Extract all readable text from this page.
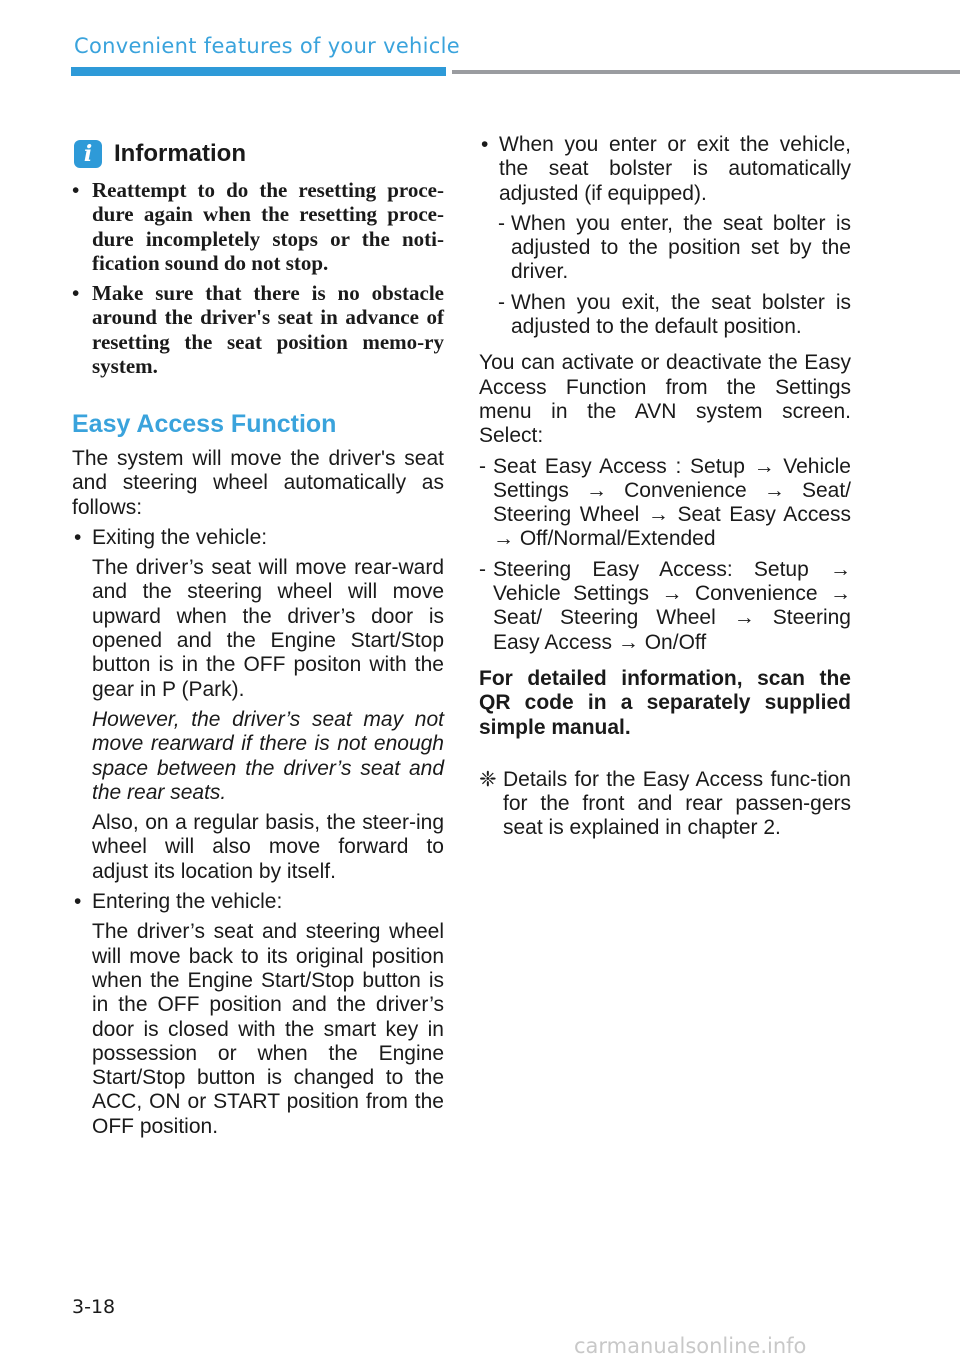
Convenient features of your vehicle
i Information
• Reattempt to do the resetting proce-dure again when the resetting proce-dure incompletely stops or the noti-fication sound do not stop.
• Make sure that there is no obstacle around the driver's seat in advance of resetting the seat position memo-ry system.
Easy Access Function

The system will move the driver's seat and steering wheel automatically as follows:

• Exiting the vehicle:

The driver’s seat will move rear-ward and the steering wheel will move upward when the driver’s door is opened and the Engine Start/Stop button is in the OFF positon with the gear in P (Park).

However, the driver’s seat may not move rearward if there is not enough space between the driver’s seat and the rear seats.

Also, on a regular basis, the steer-ing wheel will also move forward to adjust its location by itself.

• Entering the vehicle:

The driver’s seat and steering wheel will move back to its original position when the Engine Start/Stop button is in the OFF position and the driver’s door is closed with the smart key in possession or when the Engine Start/Stop button is changed to the ACC, ON or START position from the OFF position.

• When you enter or exit the vehicle, the seat bolster is automatically adjusted (if equipped).
- When you enter, the seat bolter is adjusted to the position set by the driver.
- When you exit, the seat bolster is adjusted to the default position.

You can activate or deactivate the Easy Access Function from the Settings menu in the AVN system screen. Select:

- Seat Easy Access : Setup → Vehicle Settings → Convenience → Seat/ Steering Wheel → Seat Easy Access → Off/Normal/Extended
- Steering Easy Access: Setup → Vehicle Settings → Convenience → Seat/ Steering Wheel → Steering Easy Access → On/Off

For detailed information, scan the QR code in a separately supplied simple manual.

❈ Details for the Easy Access func-tion for the front and rear passen-gers seat is explained in chapter 2.
3-18
carmanualsonline.info
